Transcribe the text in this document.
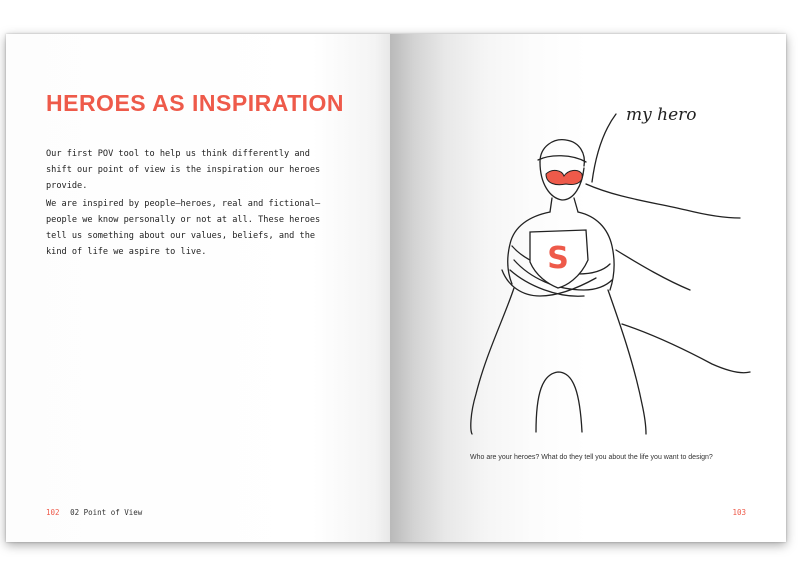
HEROES AS INSPIRATION

Our first POV tool to help us think differently and shift our point of view is the inspiration our heroes provide.

We are inspired by people—heroes, real and fictional—people we know personally or not at all. These heroes tell us something about our values, beliefs, and the kind of life we aspire to live.

102 02 Point of View
S
my hero
Who are your heroes? What do they tell you about the life you want to design?
103
